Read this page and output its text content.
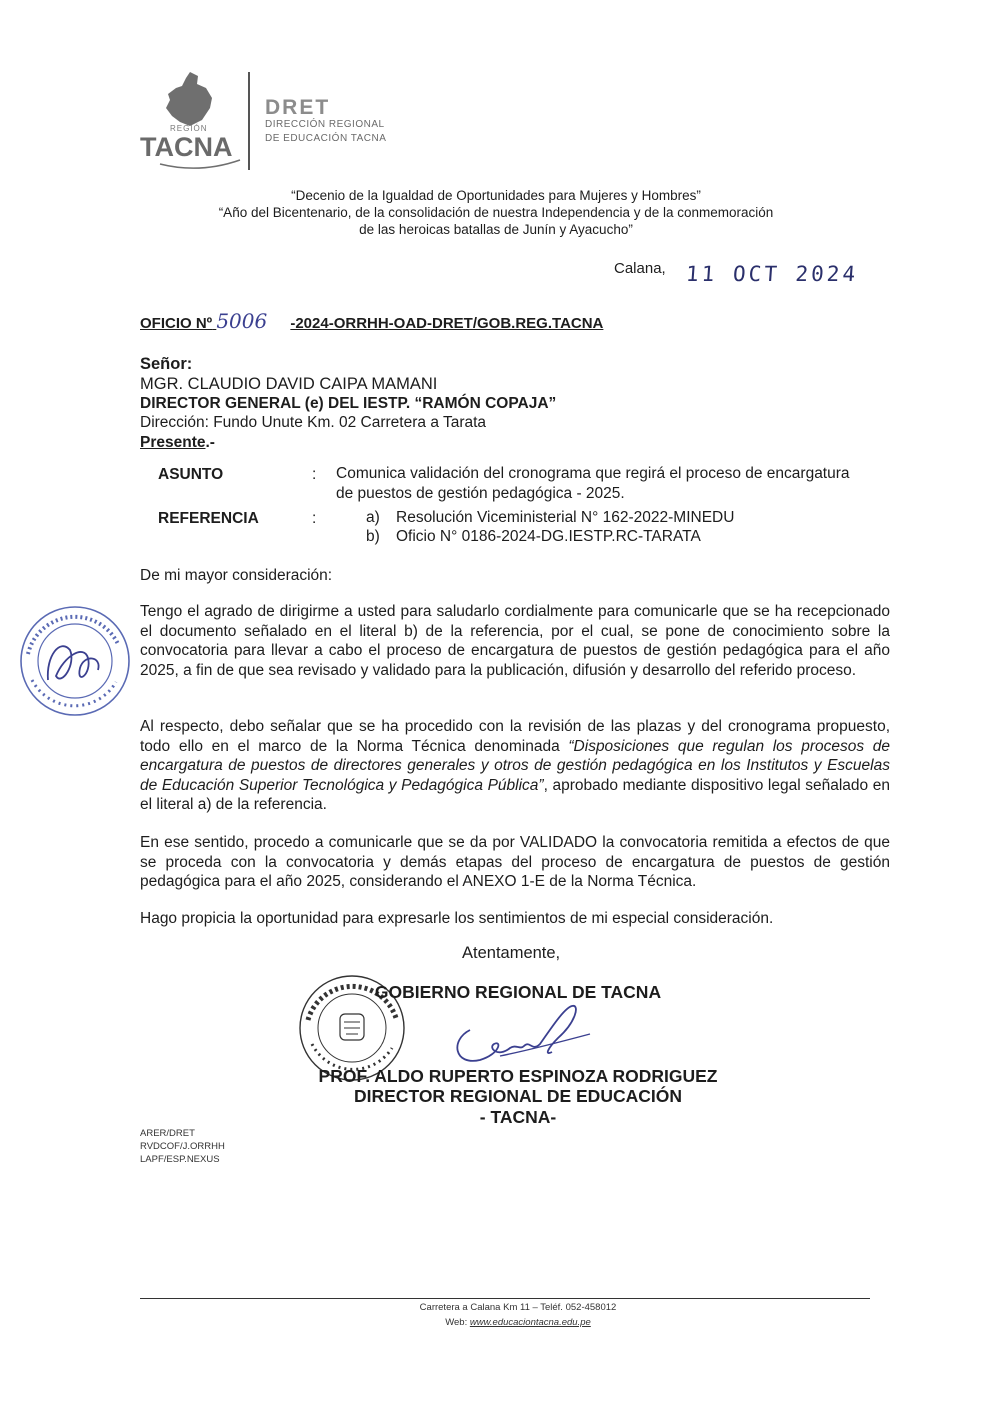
REGIÓN
TACNA
DRET
DIRECCIÓN REGIONAL
DE EDUCACIÓN TACNA
“Decenio de la Igualdad de Oportunidades para Mujeres y Hombres”
“Año del Bicentenario, de la consolidación de nuestra Independencia y de la conmemoración
de las heroicas batallas de Junín y Ayacucho”
Calana, 11 OCT 2024
OFICIO Nº 5006 -2024-ORRHH-OAD-DRET/GOB.REG.TACNA
Señor:
MGR. CLAUDIO DAVID CAIPA MAMANI
DIRECTOR GENERAL (e) DEL IESTP. “RAMÓN COPAJA”
Dirección: Fundo Unute Km. 02 Carretera a Tarata
Presente.-
ASUNTO	: Comunica validación del cronograma que regirá el proceso de encargatura
de puestos de gestión pedagógica - 2025.
REFERENCIA	:	a) Resolución Viceministerial N° 162-2022-MINEDU
b) Oficio N° 0186-2024-DG.IESTP.RC-TARATA
De mi mayor consideración:
Tengo el agrado de dirigirme a usted para saludarlo cordialmente para comunicarle que se ha recepcionado el documento señalado en el literal b) de la referencia, por el cual, se pone de conocimiento sobre la convocatoria para llevar a cabo el proceso de encargatura de puestos de gestión pedagógica para el año 2025, a fin de que sea revisado y validado para la publicación, difusión y desarrollo del referido proceso.
Al respecto, debo señalar que se ha procedido con la revisión de las plazas y del cronograma propuesto, todo ello en el marco de la Norma Técnica denominada “Disposiciones que regulan los procesos de encargatura de puestos de directores generales y otros de gestión pedagógica en los Institutos y Escuelas de Educación Superior Tecnológica y Pedagógica Pública”, aprobado mediante dispositivo legal señalado en el literal a) de la referencia.
En ese sentido, procedo a comunicarle que se da por VALIDADO la convocatoria remitida a efectos de que se proceda con la convocatoria y demás etapas del proceso de encargatura de puestos de gestión pedagógica para el año 2025, considerando el ANEXO 1-E de la Norma Técnica.
Hago propicia la oportunidad para expresarle los sentimientos de mi especial consideración.
Atentamente,
GOBIERNO REGIONAL DE TACNA
PROF. ALDO RUPERTO ESPINOZA RODRIGUEZ
DIRECTOR REGIONAL DE EDUCACIÓN
- TACNA-
ARER/DRET
RVDCOF/J.ORRHH
LAPF/ESP.NEXUS
Carretera a Calana Km 11 – Teléf. 052-458012
Web: www.educaciontacna.edu.pe
